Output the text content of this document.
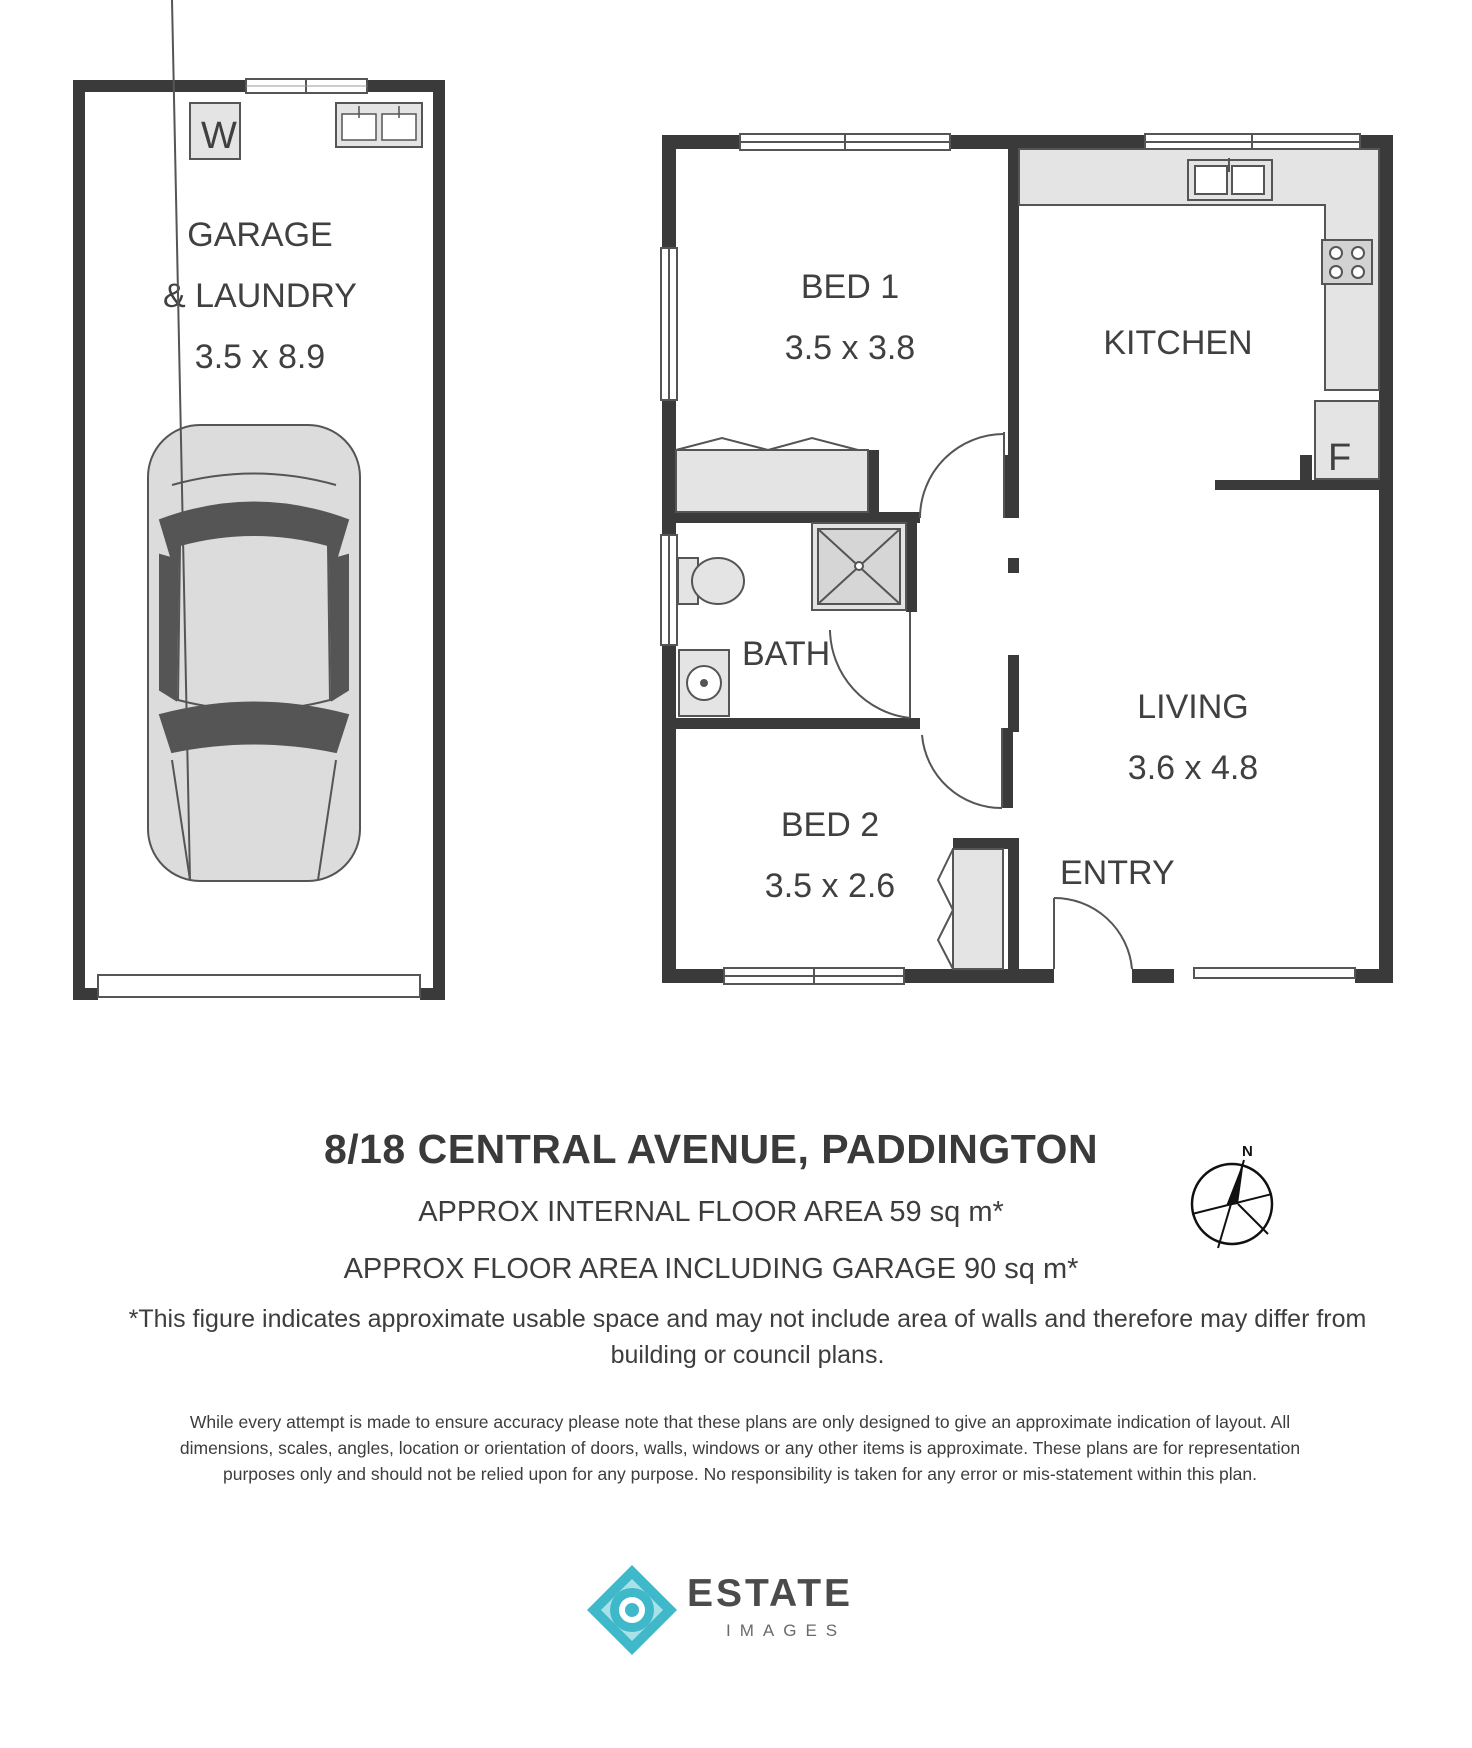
W
GARAGE
& LAUNDRY
3.5 x 8.9
F
BED 1
3.5 x 3.8	KITCHEN
BATH
LIVING
3.6 x 4.8
BED 2
3.5 x 2.6	ENTRY
8/18 CENTRAL AVENUE, PADDINGTON
APPROX INTERNAL FLOOR AREA 59 sq m*
APPROX FLOOR AREA INCLUDING GARAGE 90 sq m*
*This figure indicates approximate usable space and may not include area of walls and therefore may differ from building or council plans.
While every attempt is made to ensure accuracy please note that these plans are only designed to give an approximate indication of layout. All dimensions, scales, angles, location or orientation of doors, walls, windows or any other items is approximate. These plans are for representation purposes only and should not be relied upon for any purpose. No responsibility is taken for any error or mis-statement within this plan.
N
ESTATE
IMAGES
